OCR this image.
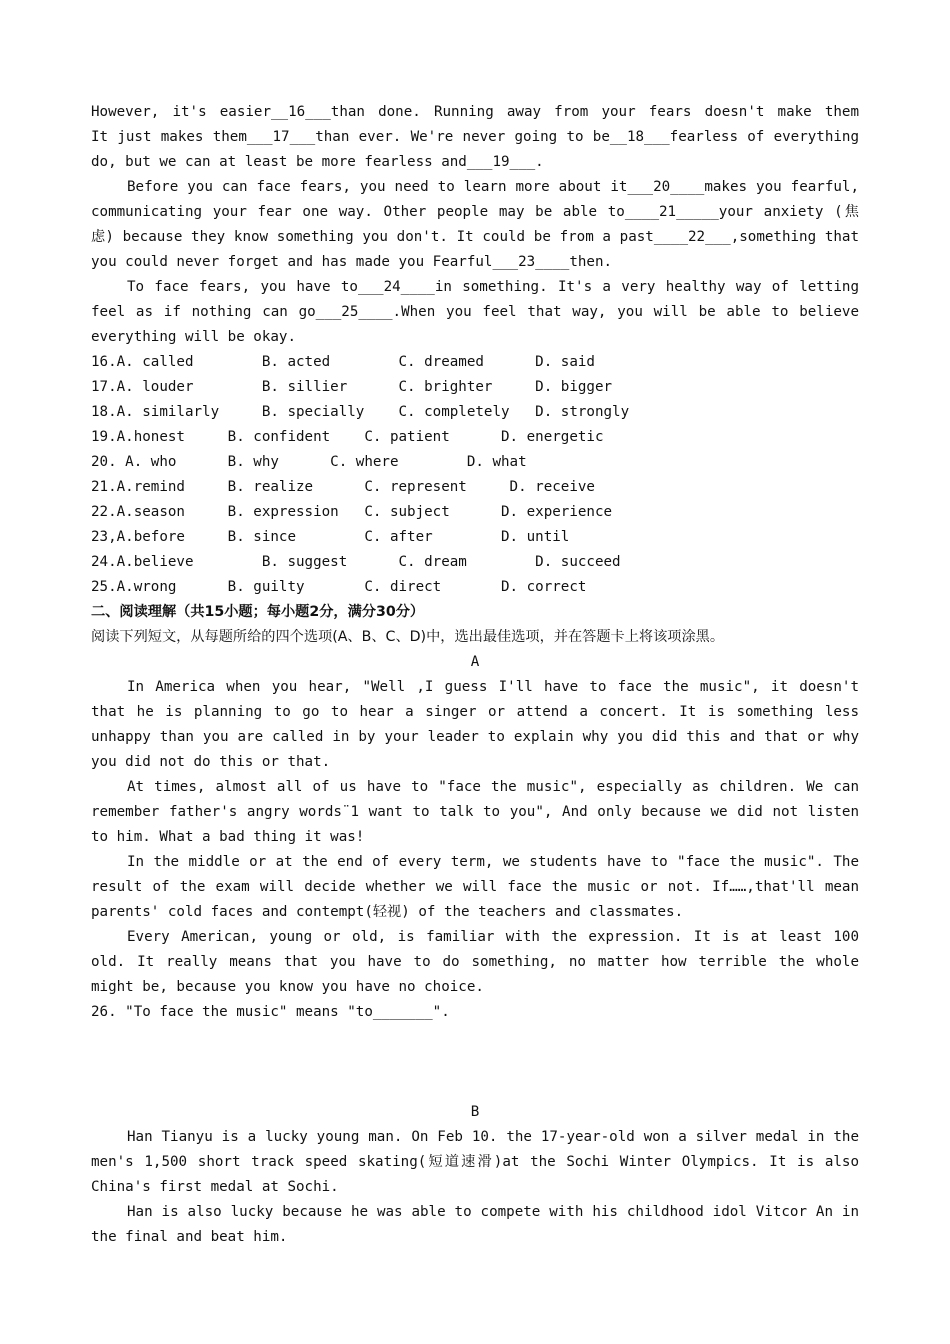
However, it's easier__16___than done. Running away from your fears doesn't make them
It just makes them___17___than ever. We're never going to be__18___fearless of everything
do, but we can at least be more fearless and___19___.
Before you can face fears, you need to learn more about it___20____makes you fearful,
communicating your fear one way. Other people may be able to____21_____your anxiety (焦
虑) because they know something you don't. It could be from a past____22___,something that
you could never forget and has made you Fearful___23____then.
To face fears, you have to___24____in something. It's a very healthy way of letting
feel as if nothing can go___25____.When you feel that way, you will be able to believe
everything will be okay.
16.A. called        B. acted        C. dreamed      D. said
17.A. louder        B. sillier      C. brighter     D. bigger
18.A. similarly     B. specially    C. completely   D. strongly
19.A.honest     B. confident    C. patient      D. energetic
20. A. who      B. why      C. where        D. what
21.A.remind     B. realize      C. represent     D. receive
22.A.season     B. expression   C. subject      D. experience
23,A.before     B. since        C. after        D. until
24.A.believe        B. suggest      C. dream        D. succeed
25.A.wrong      B. guilty       C. direct       D. correct
二、阅读理解（共15小题；每小题2分，满分30分）
阅读下列短文，从每题所给的四个选项(A、B、C、D)中，选出最佳选项，并在答题卡上将该项涂黑。
A
In America when you hear, "Well ,I guess I'll have to face the music", it doesn't
that he is planning to go to hear a singer or attend a concert. It is something less
unhappy than you are called in by your leader to explain why you did this and that or why
you did not do this or that.
At times, almost all of us have to "face the music", especially as children. We can
remember father's angry words¨1 want to talk to you", And only because we did not listen
to him. What a bad thing it was!
In the middle or at the end of every term, we students have to "face the music". The
result of the exam will decide whether we will face the music or not. If……,that'll mean
parents' cold faces and contempt(轻视) of the teachers and classmates.
Every American, young or old, is familiar with the expression. It is at least 100
old. It really means that you have to do something, no matter how terrible the whole
might be, because you know you have no choice.
26. "To face the music" means "to_______".

B
Han Tianyu is a lucky young man. On Feb 10. the 17-year-old won a silver medal in the
men's 1,500 short track speed skating(短道速滑)at the Sochi Winter Olympics. It is also
China's first medal at Sochi.
Han is also lucky because he was able to compete with his childhood idol Vitcor An in
the final and beat him.
